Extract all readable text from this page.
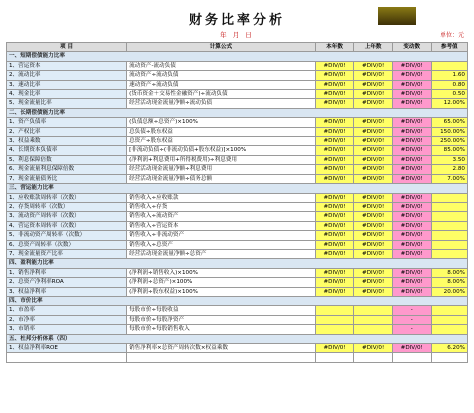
财务比率分析
年 月 日	单位：元
项 目	计算公式	本年数	上年数	变动数	参考值
一、短期偿债能力比率					
1、营运资本	流动资产-流动负债	#DIV/0!	#DIV/0!	#DIV/0!	
2、流动比率	流动资产÷流动负债	#DIV/0!	#DIV/0!	#DIV/0!	1.60
3、速动比率	速动资产÷流动负债	#DIV/0!	#DIV/0!	#DIV/0!	0.80
4、现金比率	(货币资金＋交易性金融资产)÷流动负债	#DIV/0!	#DIV/0!	#DIV/0!	0.50
5、现金流量比率	经营活动现金流量净额÷流动负债	#DIV/0!	#DIV/0!	#DIV/0!	12.00%
二、长期偿债能力比率					
1、资产负债率	(负债总额÷总资产)×100%	#DIV/0!	#DIV/0!	#DIV/0!	65.00%
2、产权比率	总负债÷股东权益	#DIV/0!	#DIV/0!	#DIV/0!	150.00%
3、权益乘数	总资产÷股东权益	#DIV/0!	#DIV/0!	#DIV/0!	250.00%
4、长期资本负债率	[非流动负债÷(非流动负债+股东权益)]×100%	#DIV/0!	#DIV/0!	#DIV/0!	85.00%
5、利息保障倍数	(净利润+利息费用+所得税费用)÷利息费用	#DIV/0!	#DIV/0!	#DIV/0!	3.50
6、现金流量利息保障倍数	经营活动现金流量净额÷利息费用	#DIV/0!	#DIV/0!	#DIV/0!	2.80
7、现金流量债务比	经营活动现金流量净额÷债务总额	#DIV/0!	#DIV/0!	#DIV/0!	7.00%
三、营运能力比率					
1、应收账款周转率（次数）	销售收入÷应收账款	#DIV/0!	#DIV/0!	#DIV/0!	
2、存货周转率（次数）	销售收入÷存货	#DIV/0!	#DIV/0!	#DIV/0!	
3、流动资产周转率（次数）	销售收入÷流动资产	#DIV/0!	#DIV/0!	#DIV/0!	
4、营运资本周转率（次数）	销售收入÷营运资本	#DIV/0!	#DIV/0!	#DIV/0!	
5、非流动资产周转率（次数）	销售收入÷非流动资产	#DIV/0!	#DIV/0!	#DIV/0!	
6、总资产周转率（次数）	销售收入÷总资产	#DIV/0!	#DIV/0!	#DIV/0!	
7、现金流量资产比率	经营活动现金流量净额÷总资产	#DIV/0!	#DIV/0!	#DIV/0!	
四、盈利能力比率					
1、销售净利率	(净利润÷销售收入)×100%	#DIV/0!	#DIV/0!	#DIV/0!	8.00%
2、总资产净利率ROA	(净利润÷总资产)×100%	#DIV/0!	#DIV/0!	#DIV/0!	8.00%
3、权益净利率	(净利润÷股东权益)×100%	#DIV/0!	#DIV/0!	#DIV/0!	20.00%
四、市价比率					
1、市盈率	每股市价÷每股收益			-	
2、市净率	每股市价÷每股净资产			-	
3、市销率	每股市价÷每股销售收入			-	
五、杜邦分析体系（四）					
1、权益净利率ROE	销售净利率×总资产周转次数×权益乘数	#DIV/0!	#DIV/0!	#DIV/0!	6.20%
